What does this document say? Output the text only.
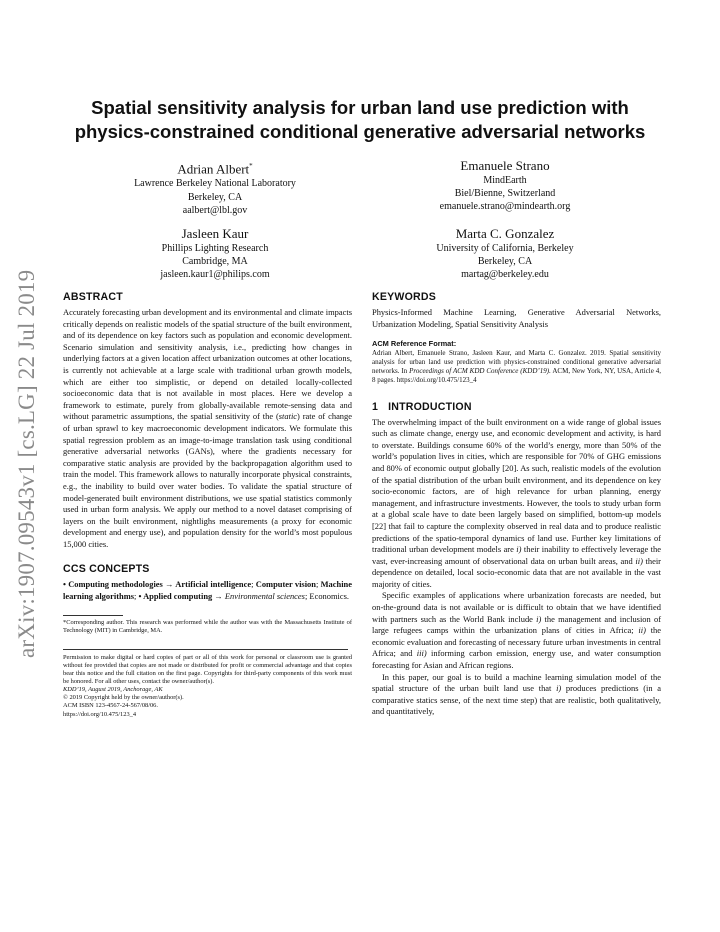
arXiv:1907.09543v1 [cs.LG] 22 Jul 2019
Spatial sensitivity analysis for urban land use prediction with
physics-constrained conditional generative adversarial networks
Adrian Albert*
Lawrence Berkeley National Laboratory
Berkeley, CA
aalbert@lbl.gov
Emanuele Strano
MindEarth
Biel/Bienne, Switzerland
emanuele.strano@mindearth.org
Jasleen Kaur
Phillips Lighting Research
Cambridge, MA
jasleen.kaur1@philips.com
Marta C. Gonzalez
University of California, Berkeley
Berkeley, CA
martag@berkeley.edu
ABSTRACT

Accurately forecasting urban development and its environmental and climate impacts critically depends on realistic models of the spatial structure of the built environment, and of its dependence on key factors such as population and economic development. Scenario simulation and sensitivity analysis, i.e., predicting how changes in underlying factors at a given location affect urbanization outcomes at other locations, is currently not achievable at a large scale with traditional urban growth models, which are either too simplistic, or depend on detailed locally-collected socioeconomic data that is not available in most places. Here we develop a framework to estimate, purely from globally-available remote-sensing data and without parametric assumptions, the spatial sensitivity of the (static) rate of change of urban sprawl to key macroeconomic development indicators. We formulate this spatial regression problem as an image-to-image translation task using conditional generative adversarial networks (GANs), where the gradients necessary for comparative static analysis are provided by the backpropagation algorithm used to train the model. This framework allows to naturally incorporate physical constraints, e.g., the inability to build over water bodies. To validate the spatial structure of model-generated built environment distributions, we use spatial statistics commonly used in urban form analysis. We apply our method to a novel dataset comprising of layers on the built environment, nightlighs measurements (a proxy for economic development and energy use), and population density for the world’s most populous 15,000 cities.

CCS CONCEPTS

• Computing methodologies → Artificial intelligence; Computer vision; Machine learning algorithms; • Applied computing → Environmental sciences; Economics.

*Corresponding author. This research was performed while the author was with the Massachusetts Institute of Technology (MIT) in Cambridge, MA.

Permission to make digital or hard copies of part or all of this work for personal or classroom use is granted without fee provided that copies are not made or distributed for profit or commercial advantage and that copies bear this notice and the full citation on the first page. Copyrights for third-party components of this work must be honored. For all other uses, contact the owner/author(s).

KDD’19, August 2019, Anchorage, AK
© 2019 Copyright held by the owner/author(s).
ACM ISBN 123-4567-24-567/08/06.
https://doi.org/10.475/123_4
KEYWORDS

Physics-Informed Machine Learning, Generative Adversarial Networks, Urbanization Modeling, Spatial Sensitivity Analysis

ACM Reference Format:

Adrian Albert, Emanuele Strano, Jasleen Kaur, and Marta C. Gonzalez. 2019. Spatial sensitivity analysis for urban land use prediction with physics-constrained conditional generative adversarial networks. In Proceedings of ACM KDD Conference (KDD’19). ACM, New York, NY, USA, Article 4, 8 pages. https://doi.org/10.475/123_4

1 INTRODUCTION

The overwhelming impact of the built environment on a wide range of global issues such as climate change, energy use, and economic development and activity, is hard to overstate. Buildings consume 60% of the world’s energy, more than 50% of the world’s population lives in cities, which are responsible for 70% of GHG emissions and 80% of economic output globally [20]. As such, realistic models of the evolution of the spatial distribution of the urban built environment, and its dependence on key socio-economic factors, are of high relevance for urban planning, energy management, and infrastructure investments. However, the tools to study urban form at a global scale have to date been largely based on simplified, bottom-up models [22] that fail to capture the complexity observed in real data and to produce realistic predictions of the spatio-temporal dynamics of land use. Further key limitations of traditional urban development models are i) their inability to effectively leverage the vast, ever-increasing amount of observational data on urban built areas, and ii) their dependence on detailed, local socio-economic data that are not available in the vast majority of cities.

Specific examples of applications where urbanization forecasts are needed, but on-the-ground data is not available or is difficult to obtain that we have identified with partners such as the World Bank include i) the management and inclusion of large refugees camps within the urbanization plans of cities in Africa; ii) the economic evaluation and forecasting of necessary future urban investments in central Africa; and iii) informing carbon emission, energy use, and water consumption forecasting for Asian and African regions.

In this paper, our goal is to build a machine learning simulation model of the spatial structure of the urban built land use that i) produces predictions (in a comparative statics sense, of the next time step) that are realistic, both qualitatively, and quantitatively,
